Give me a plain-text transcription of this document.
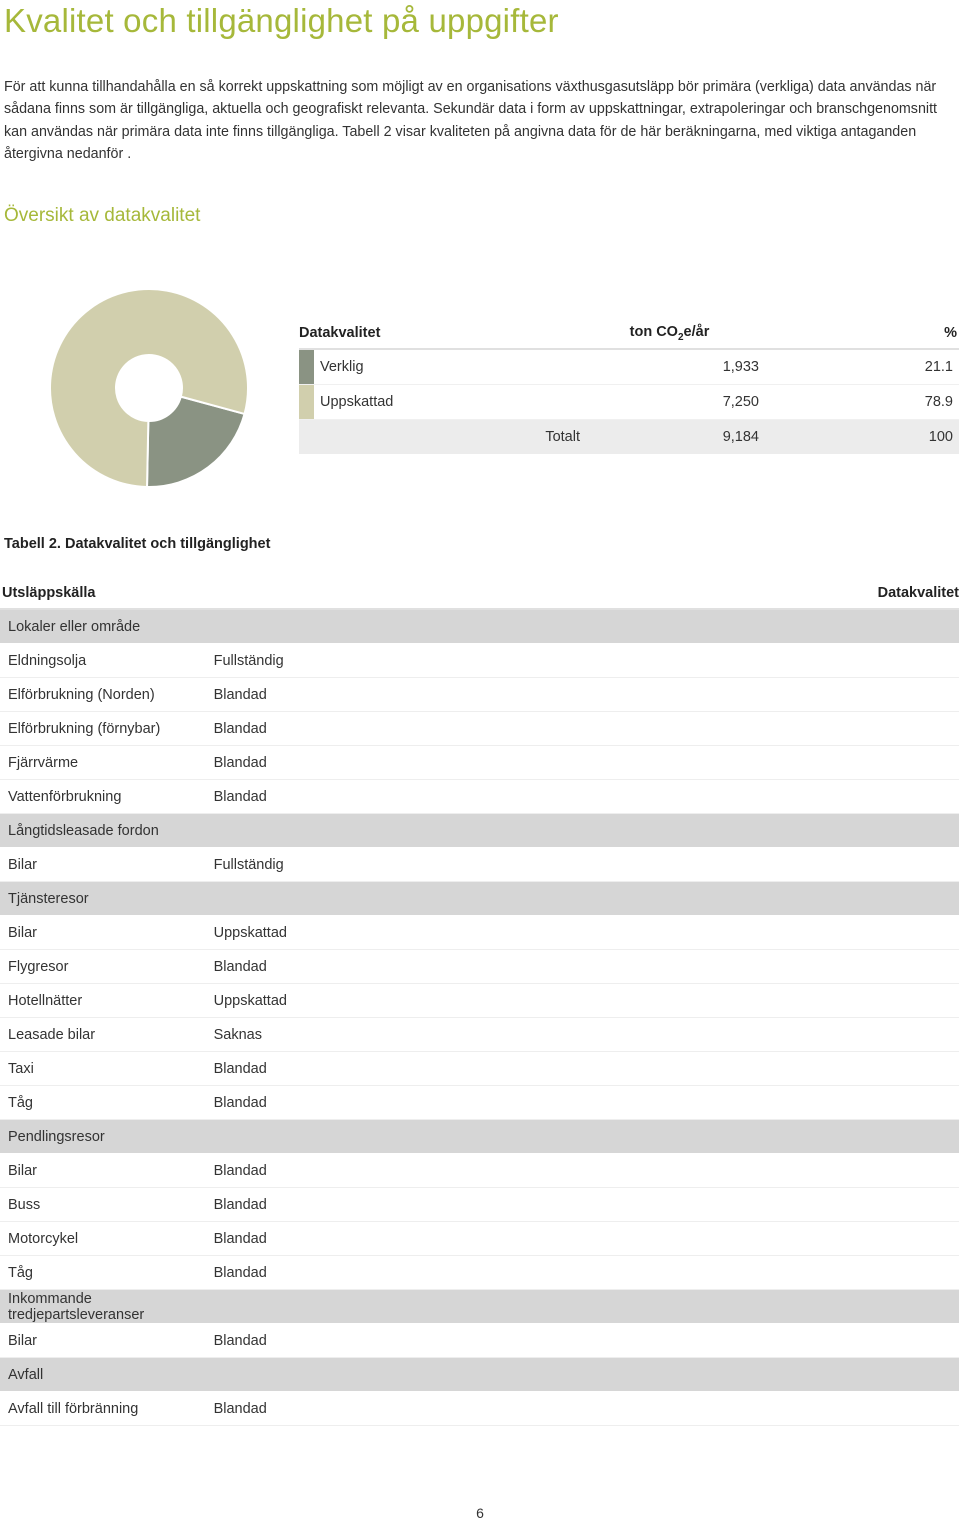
Kvalitet och tillgänglighet på uppgifter

För att kunna tillhandahålla en så korrekt uppskattning som möjligt av en organisations växthusgasutsläpp bör primära (verkliga) data användas när sådana finns som är tillgängliga, aktuella och geografiskt relevanta. Sekundär data i form av uppskattningar, extrapoleringar och branschgenomsnitt kan användas när primära data inte finns tillgängliga. Tabell 2 visar kvaliteten på angivna data för de här beräkningarna, med viktiga antaganden återgivna nedanför .

Översikt av datakvalitet
Datakvalitet		ton $CO_2e/år$	%
	Verklig	1,933	21.1
	Uppskattad	7,250	78.9
	Totalt	9,184	100
Tabell 2. Datakvalitet och tillgänglighet
Utsläppskälla	Datakvalitet
Lokaler eller område	
Eldningsolja	Fullständig
Elförbrukning (Norden)	Blandad
Elförbrukning (förnybar)	Blandad
Fjärrvärme	Blandad
Vattenförbrukning	Blandad
Långtidsleasade fordon	
Bilar	Fullständig
Tjänsteresor	
Bilar	Uppskattad
Flygresor	Blandad
Hotellnätter	Uppskattad
Leasade bilar	Saknas
Taxi	Blandad
Tåg	Blandad
Pendlingsresor	
Bilar	Blandad
Buss	Blandad
Motorcykel	Blandad
Tåg	Blandad
Inkommande tredjepartsleveranser	
Bilar	Blandad
Avfall	
Avfall till förbränning	Blandad
6
